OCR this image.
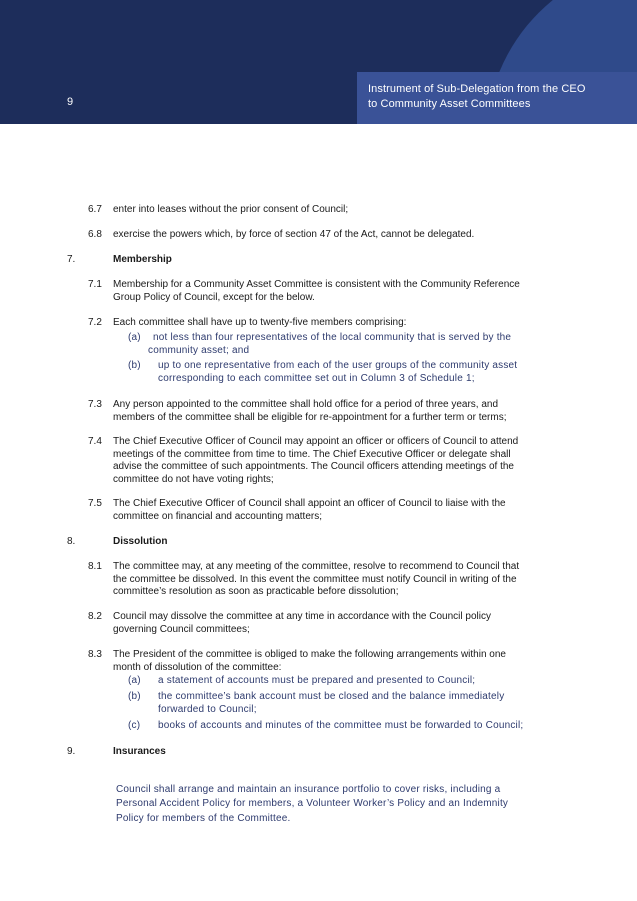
9
Instrument of Sub-Delegation from the CEO
to Community Asset Committees
6.7 enter into leases without the prior consent of Council;
6.8 exercise the powers which, by force of section 47 of the Act, cannot be delegated.
7.	Membership
7.1 Membership for a Community Asset Committee is consistent with the Community Reference
Group Policy of Council, except for the below.
7.2 Each committee shall have up to twenty-five members comprising:
(a) not less than four representatives of the local community that is served by the
community asset; and
(b) up to one representative from each of the user groups of the community asset
corresponding to each committee set out in Column 3 of Schedule 1;
7.3 Any person appointed to the committee shall hold office for a period of three years, and
members of the committee shall be eligible for re-appointment for a further term or terms;
7.4 The Chief Executive Officer of Council may appoint an officer or officers of Council to attend
meetings of the committee from time to time. The Chief Executive Officer or delegate shall
advise the committee of such appointments. The Council officers attending meetings of the
committee do not have voting rights;
7.5 The Chief Executive Officer of Council shall appoint an officer of Council to liaise with the
committee on financial and accounting matters;
8.	Dissolution
8.1 The committee may, at any meeting of the committee, resolve to recommend to Council that
the committee be dissolved. In this event the committee must notify Council in writing of the
committee’s resolution as soon as practicable before dissolution;
8.2 Council may dissolve the committee at any time in accordance with the Council policy
governing Council committees;
8.3 The President of the committee is obliged to make the following arrangements within one
month of dissolution of the committee:
(a) a statement of accounts must be prepared and presented to Council;
(b) the committee’s bank account must be closed and the balance immediately
forwarded to Council;
(c) books of accounts and minutes of the committee must be forwarded to Council;
9.	Insurances
Council shall arrange and maintain an insurance portfolio to cover risks, including a
Personal Accident Policy for members, a Volunteer Worker’s Policy and an Indemnity
Policy for members of the Committee.
